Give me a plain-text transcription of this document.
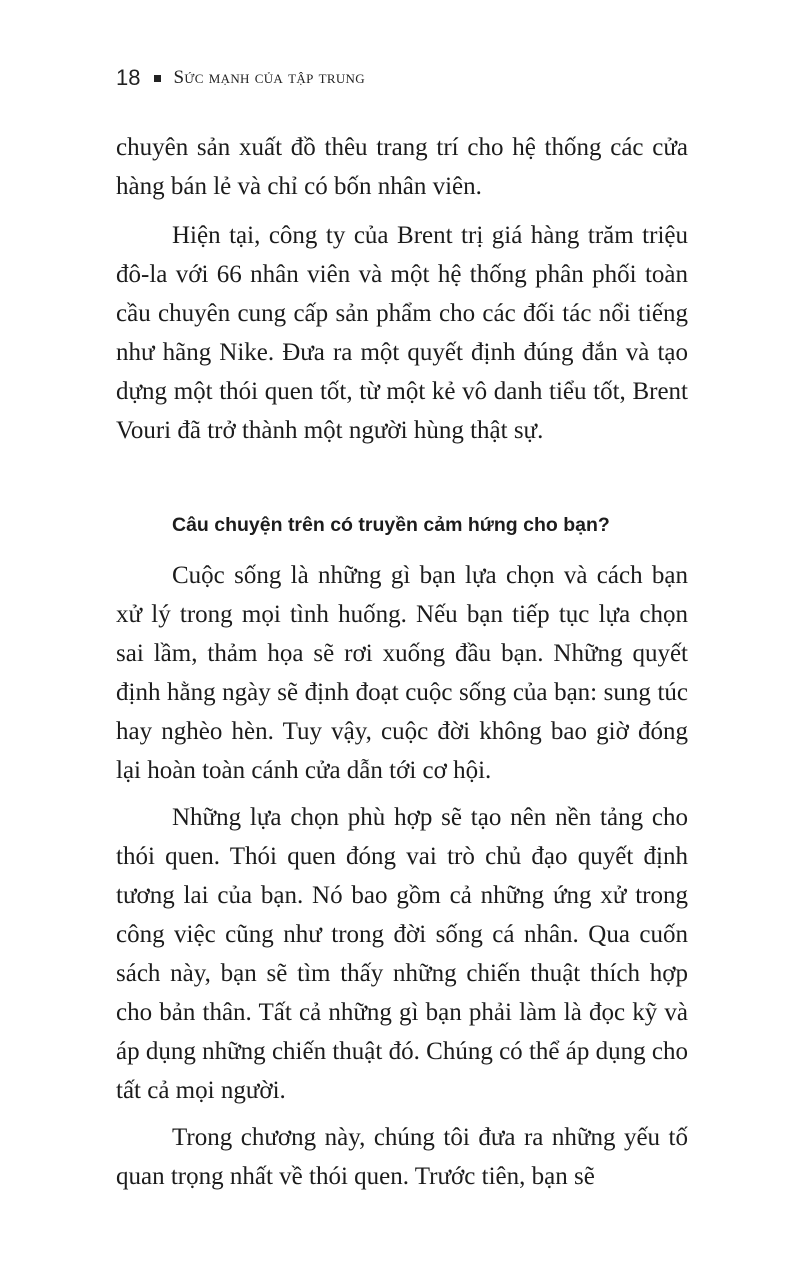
18 Sức mạnh của tập trung

chuyên sản xuất đồ thêu trang trí cho hệ thống các cửa hàng bán lẻ và chỉ có bốn nhân viên.

Hiện tại, công ty của Brent trị giá hàng trăm triệu đô-la với 66 nhân viên và một hệ thống phân phối toàn cầu chuyên cung cấp sản phẩm cho các đối tác nổi tiếng như hãng Nike. Đưa ra một quyết định đúng đắn và tạo dựng một thói quen tốt, từ một kẻ vô danh tiểu tốt, Brent Vouri đã trở thành một người hùng thật sự.

Câu chuyện trên có truyền cảm hứng cho bạn?

Cuộc sống là những gì bạn lựa chọn và cách bạn xử lý trong mọi tình huống. Nếu bạn tiếp tục lựa chọn sai lầm, thảm họa sẽ rơi xuống đầu bạn. Những quyết định hằng ngày sẽ định đoạt cuộc sống của bạn: sung túc hay nghèo hèn. Tuy vậy, cuộc đời không bao giờ đóng lại hoàn toàn cánh cửa dẫn tới cơ hội.

Những lựa chọn phù hợp sẽ tạo nên nền tảng cho thói quen. Thói quen đóng vai trò chủ đạo quyết định tương lai của bạn. Nó bao gồm cả những ứng xử trong công việc cũng như trong đời sống cá nhân. Qua cuốn sách này, bạn sẽ tìm thấy những chiến thuật thích hợp cho bản thân. Tất cả những gì bạn phải làm là đọc kỹ và áp dụng những chiến thuật đó. Chúng có thể áp dụng cho tất cả mọi người.

Trong chương này, chúng tôi đưa ra những yếu tố quan trọng nhất về thói quen. Trước tiên, bạn sẽ
